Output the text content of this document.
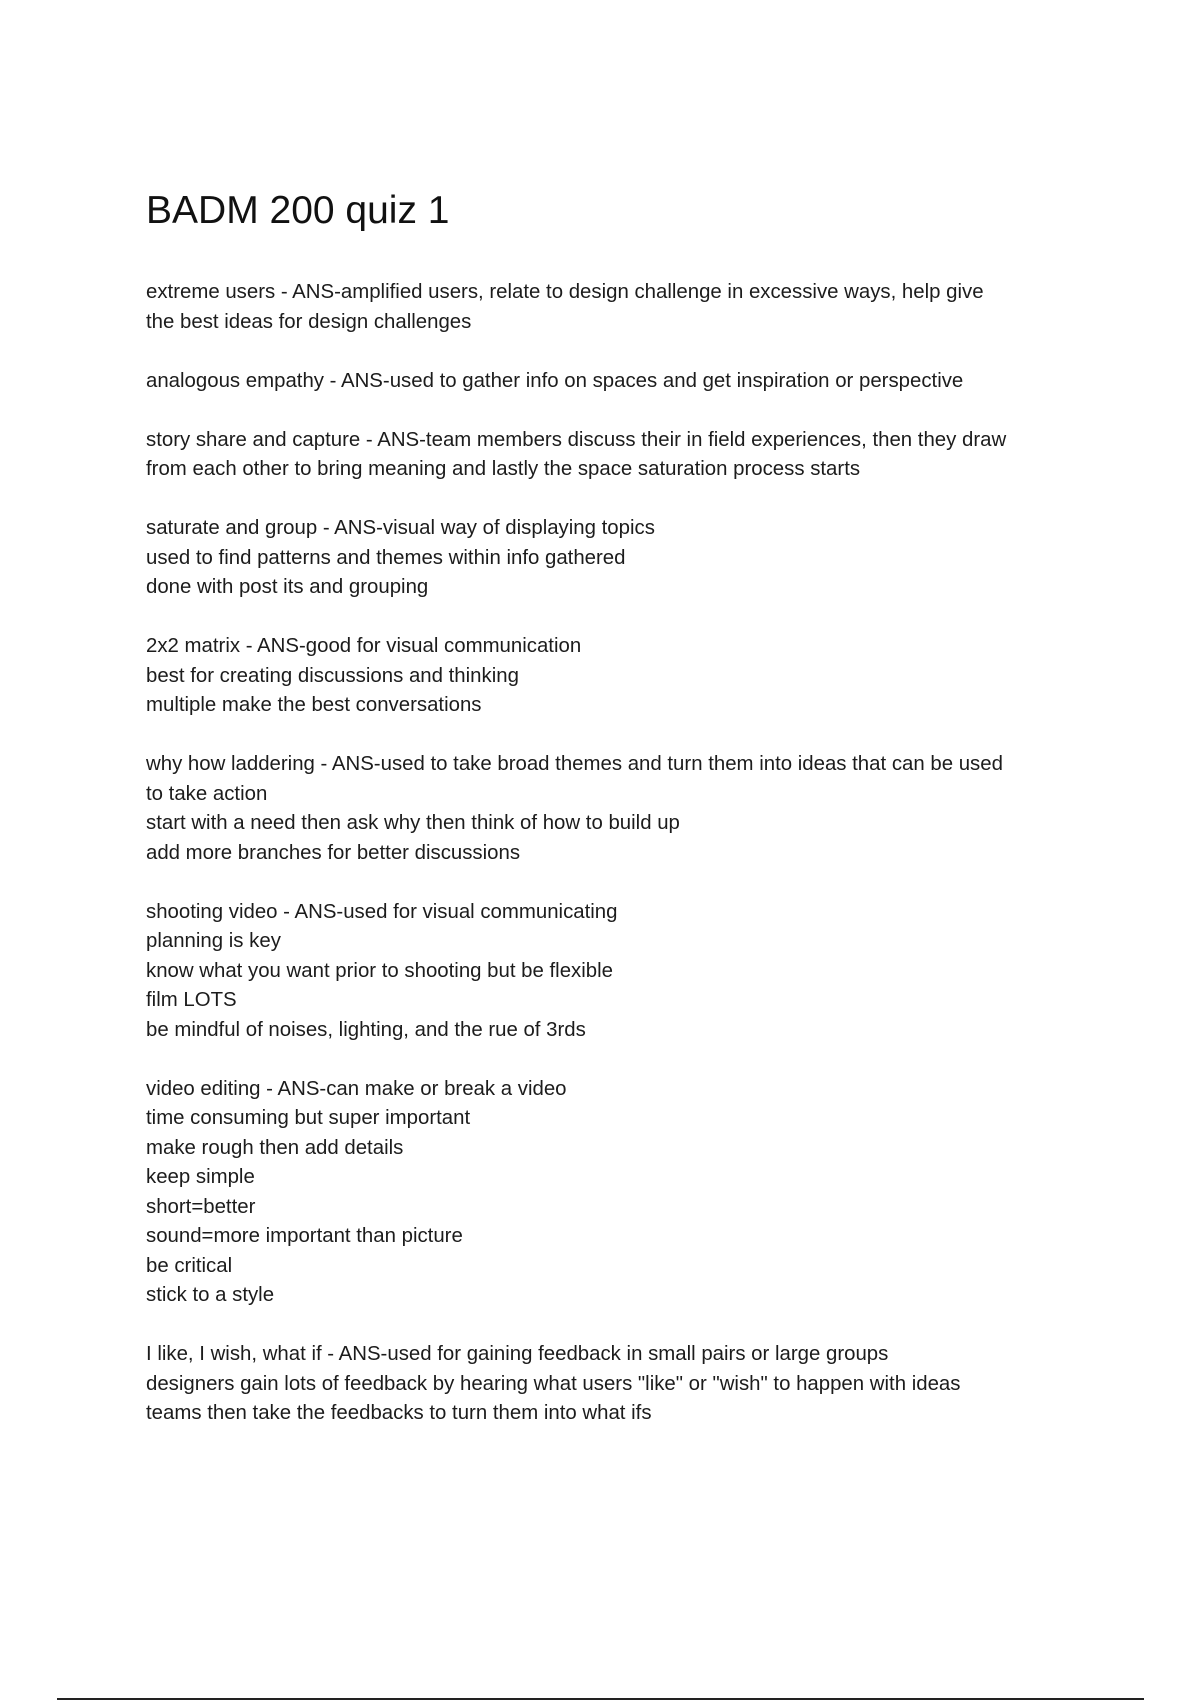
BADM 200 quiz 1
extreme users - ANS-amplified users, relate to design challenge in excessive ways, help give
the best ideas for design challenges
analogous empathy - ANS-used to gather info on spaces and get inspiration or perspective
story share and capture - ANS-team members discuss their in field experiences, then they draw
from each other to bring meaning and lastly the space saturation process starts
saturate and group - ANS-visual way of displaying topics
used to find patterns and themes within info gathered
done with post its and grouping
2x2 matrix - ANS-good for visual communication
best for creating discussions and thinking
multiple make the best conversations
why how laddering - ANS-used to take broad themes and turn them into ideas that can be used
to take action
start with a need then ask why then think of how to build up
add more branches for better discussions
shooting video - ANS-used for visual communicating
planning is key
know what you want prior to shooting but be flexible
film LOTS
be mindful of noises, lighting, and the rue of 3rds
video editing - ANS-can make or break a video
time consuming but super important
make rough then add details
keep simple
short=better
sound=more important than picture
be critical
stick to a style
I like, I wish, what if - ANS-used for gaining feedback in small pairs or large groups
designers gain lots of feedback by hearing what users "like" or "wish" to happen with ideas
teams then take the feedbacks to turn them into what ifs
